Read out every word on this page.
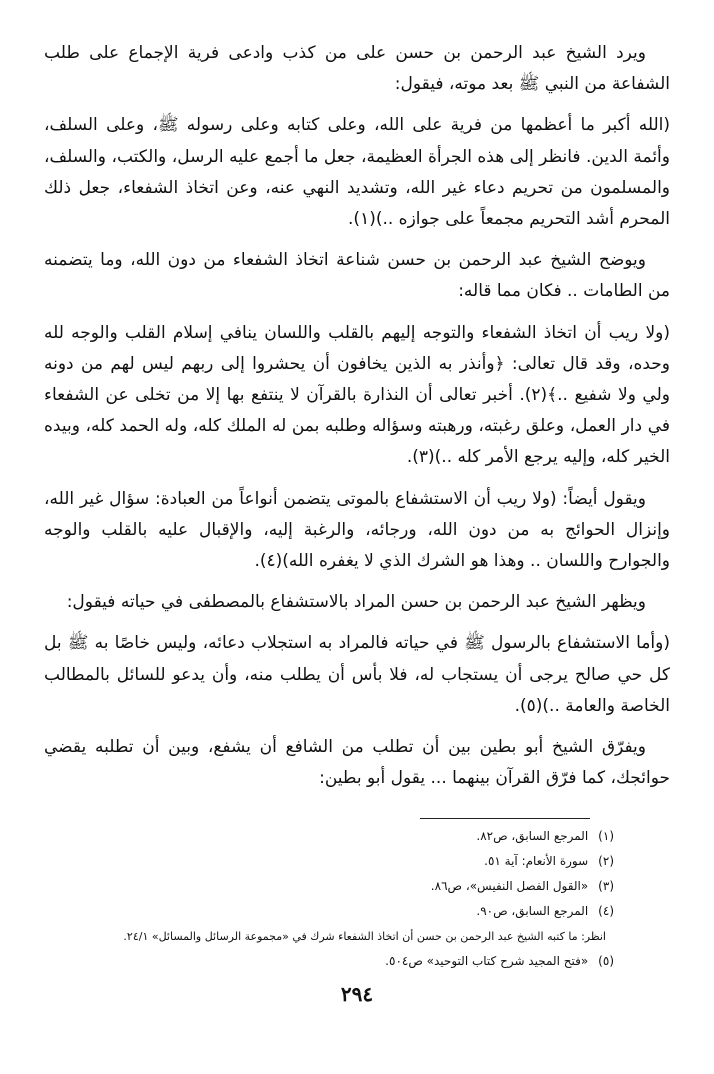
ويرد الشيخ عبد الرحمن بن حسن على من كذب وادعى فرية الإجماع على طلب الشفاعة من النبي ﷺ بعد موته، فيقول:

(الله أكبر ما أعظمها من فرية على الله، وعلى كتابه وعلى رسوله ﷺ، وعلى السلف، وأئمة الدين. فانظر إلى هذه الجرأة العظيمة، جعل ما أجمع عليه الرسل، والكتب، والسلف، والمسلمون من تحريم دعاء غير الله، وتشديد النهي عنه، وعن اتخاذ الشفعاء، جعل ذلك المحرم أشد التحريم مجمعاً على جوازه ..)(١).

ويوضح الشيخ عبد الرحمن بن حسن شناعة اتخاذ الشفعاء من دون الله، وما يتضمنه من الطامات .. فكان مما قاله:

(ولا ريب أن اتخاذ الشفعاء والتوجه إليهم بالقلب واللسان ينافي إسلام القلب والوجه لله وحده، وقد قال تعالى: ﴿وأنذر به الذين يخافون أن يحشروا إلى ربهم ليس لهم من دونه ولي ولا شفيع ..﴾(٢). أخبر تعالى أن النذارة بالقرآن لا ينتفع بها إلا من تخلى عن الشفعاء في دار العمل، وعلق رغبته، ورهبته وسؤاله وطلبه بمن له الملك كله، وله الحمد كله، وبيده الخير كله، وإليه يرجع الأمر كله ..)(٣).

ويقول أيضاً: (ولا ريب أن الاستشفاع بالموتى يتضمن أنواعاً من العبادة: سؤال غير الله، وإنزال الحوائج به من دون الله، ورجائه، والرغبة إليه، والإقبال عليه بالقلب والوجه والجوارح واللسان .. وهذا هو الشرك الذي لا يغفره الله)(٤).

ويظهر الشيخ عبد الرحمن بن حسن المراد بالاستشفاع بالمصطفى في حياته فيقول:

(وأما الاستشفاع بالرسول ﷺ في حياته فالمراد به استجلاب دعائه، وليس خاصًا به ﷺ بل كل حي صالح يرجى أن يستجاب له، فلا بأس أن يطلب منه، وأن يدعو للسائل بالمطالب الخاصة والعامة ..)(٥).

ويفرّق الشيخ أبو بطين بين أن تطلب من الشافع أن يشفع، وبين أن تطلبه يقضي حوائجك، كما فرّق القرآن بينهما ... يقول أبو بطين:

(١) المرجع السابق، ص٨٢.
(٢) سورة الأنعام: آية ٥١.
(٣) «القول الفصل النفيس»، ص٨٦.
(٤) المرجع السابق، ص٩٠.
انظر: ما كتبه الشيخ عبد الرحمن بن حسن أن اتخاذ الشفعاء شرك في «مجموعة الرسائل والمسائل» ٢٤/١.
(٥) «فتح المجيد شرح كتاب التوحيد» ص٥٠٤.
٢٩٤
